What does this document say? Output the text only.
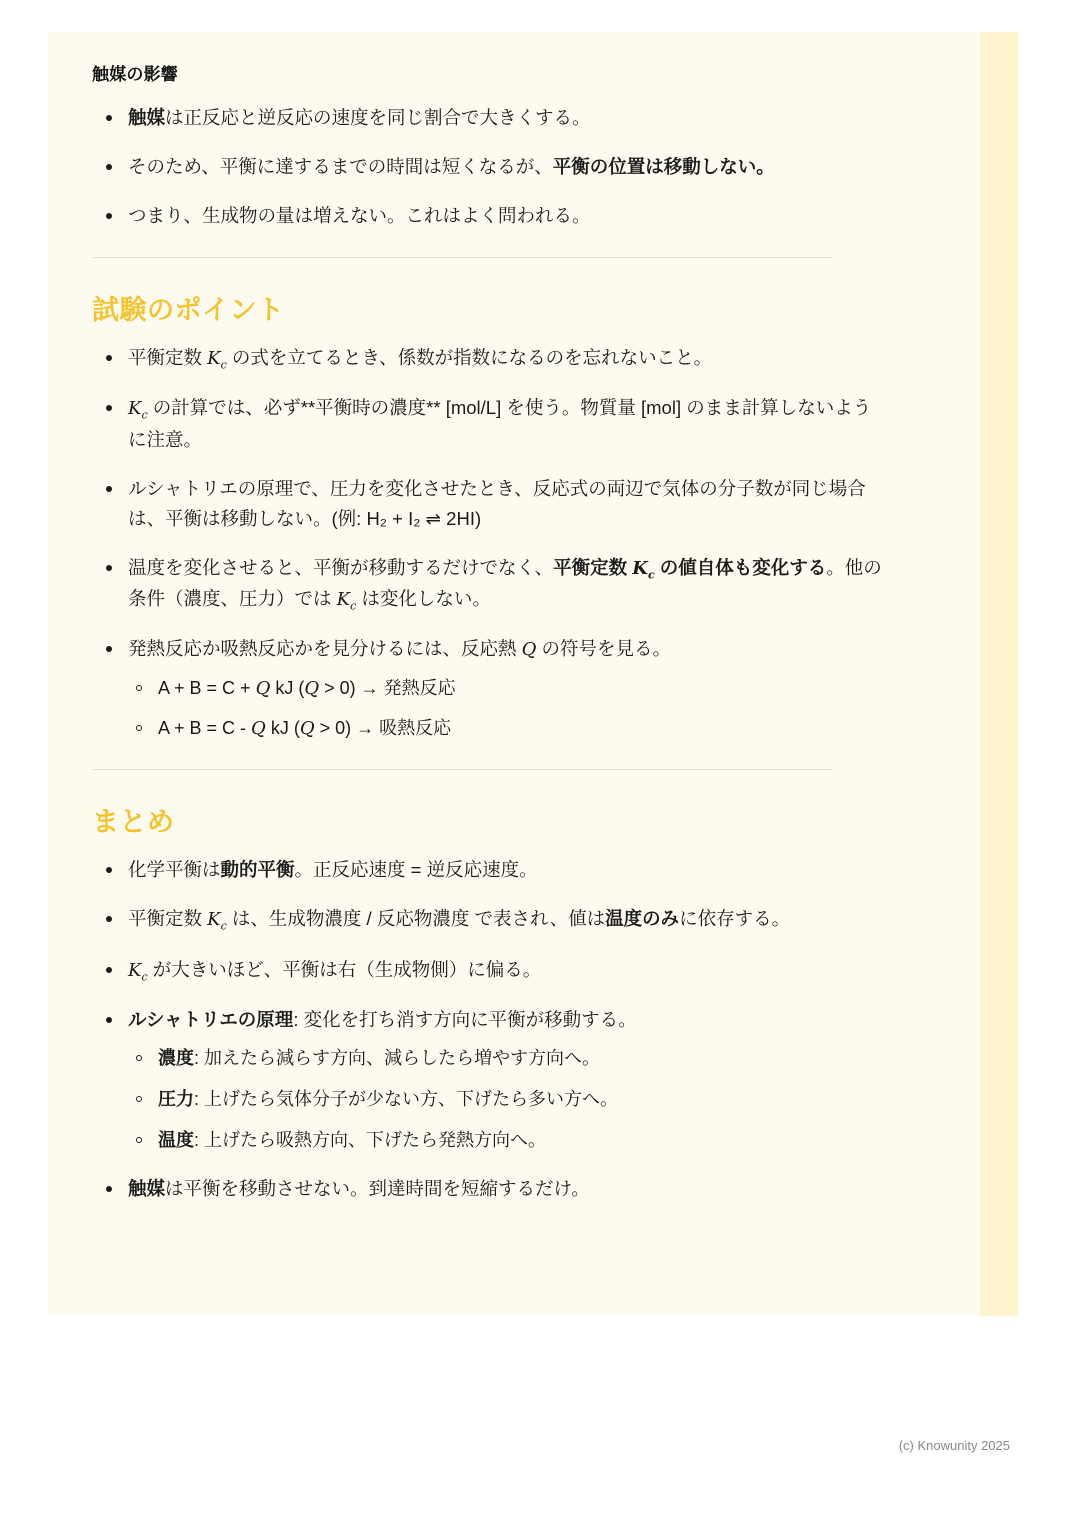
触媒の影響
触媒は正反応と逆反応の速度を同じ割合で大きくする。
そのため、平衡に達するまでの時間は短くなるが、平衡の位置は移動しない。
つまり、生成物の量は増えない。これはよく問われる。
試験のポイント
平衡定数 $K_c$ の式を立てるとき、係数が指数になるのを忘れないこと。
$K_c$ の計算では、必ず**平衡時の濃度** [mol/L] を使う。物質量 [mol] のまま計算しないように注意。
ルシャトリエの原理で、圧力を変化させたとき、反応式の両辺で気体の分子数が同じ場合は、平衡は移動しない。(例: H₂ + I₂ ⇌ 2HI)
温度を変化させると、平衡が移動するだけでなく、平衡定数 $K_c$ の値自体も変化する。他の条件（濃度、圧力）では $K_c$ は変化しない。
発熱反応か吸熱反応かを見分けるには、反応熱 Q の符号を見る。
A + B = C + Q kJ (Q > 0) → 発熱反応
A + B = C - Q kJ (Q > 0) → 吸熱反応
まとめ
化学平衡は動的平衡。正反応速度 = 逆反応速度。
平衡定数 $K_c$ は、生成物濃度 / 反応物濃度 で表され、値は温度のみに依存する。
$K_c$ が大きいほど、平衡は右（生成物側）に偏る。
ルシャトリエの原理: 変化を打ち消す方向に平衡が移動する。
濃度: 加えたら減らす方向、減らしたら増やす方向へ。
圧力: 上げたら気体分子が少ない方、下げたら多い方へ。
温度: 上げたら吸熱方向、下げたら発熱方向へ。
触媒は平衡を移動させない。到達時間を短縮するだけ。
(c) Knowunity 2025
